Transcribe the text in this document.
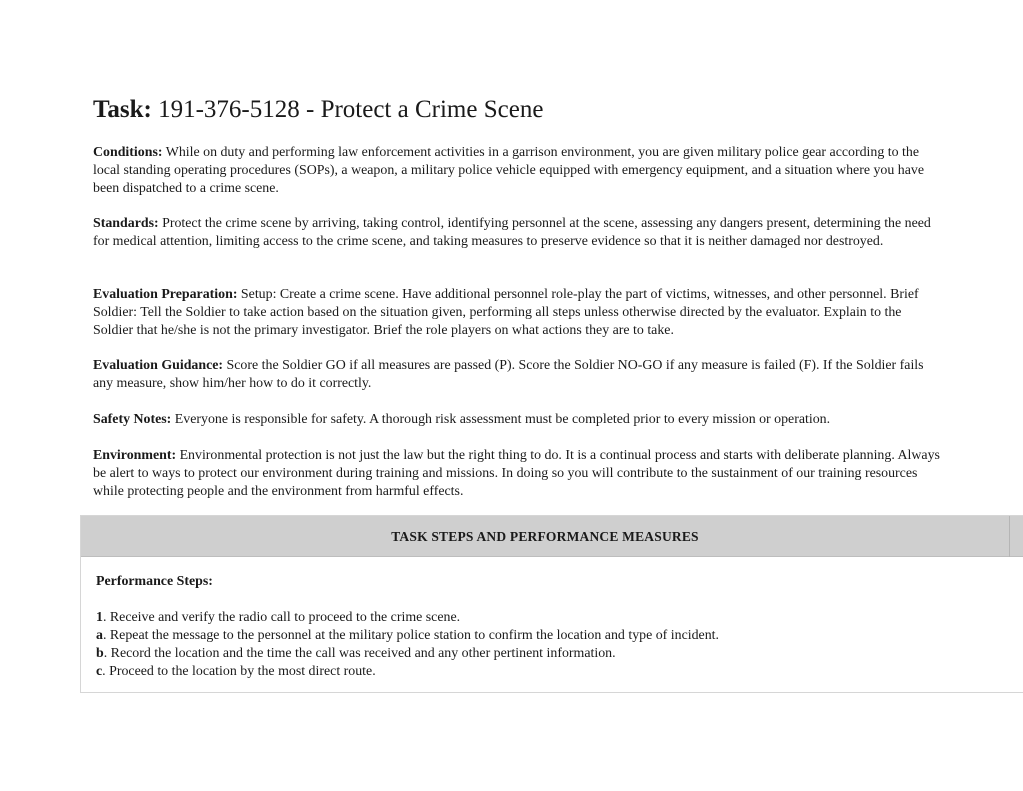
Task: 191-376-5128 - Protect a Crime Scene
Conditions: While on duty and performing law enforcement activities in a garrison environment, you are given military police gear according to the local standing operating procedures (SOPs), a weapon, a military police vehicle equipped with emergency equipment, and a situation where you have been dispatched to a crime scene.
Standards: Protect the crime scene by arriving, taking control, identifying personnel at the scene, assessing any dangers present, determining the need for medical attention, limiting access to the crime scene, and taking measures to preserve evidence so that it is neither damaged nor destroyed.
Evaluation Preparation: Setup: Create a crime scene. Have additional personnel role-play the part of victims, witnesses, and other personnel. Brief Soldier: Tell the Soldier to take action based on the situation given, performing all steps unless otherwise directed by the evaluator. Explain to the Soldier that he/she is not the primary investigator. Brief the role players on what actions they are to take.
Evaluation Guidance: Score the Soldier GO if all measures are passed (P). Score the Soldier NO-GO if any measure is failed (F). If the Soldier fails any measure, show him/her how to do it correctly.
Safety Notes: Everyone is responsible for safety. A thorough risk assessment must be completed prior to every mission or operation.
Environment: Environmental protection is not just the law but the right thing to do. It is a continual process and starts with deliberate planning. Always be alert to ways to protect our environment during training and missions. In doing so you will contribute to the sustainment of our training resources while protecting people and the environment from harmful effects.
TASK STEPS AND PERFORMANCE MEASURES
Performance Steps:
1. Receive and verify the radio call to proceed to the crime scene.
a. Repeat the message to the personnel at the military police station to confirm the location and type of incident.
b. Record the location and the time the call was received and any other pertinent information.
c. Proceed to the location by the most direct route.
